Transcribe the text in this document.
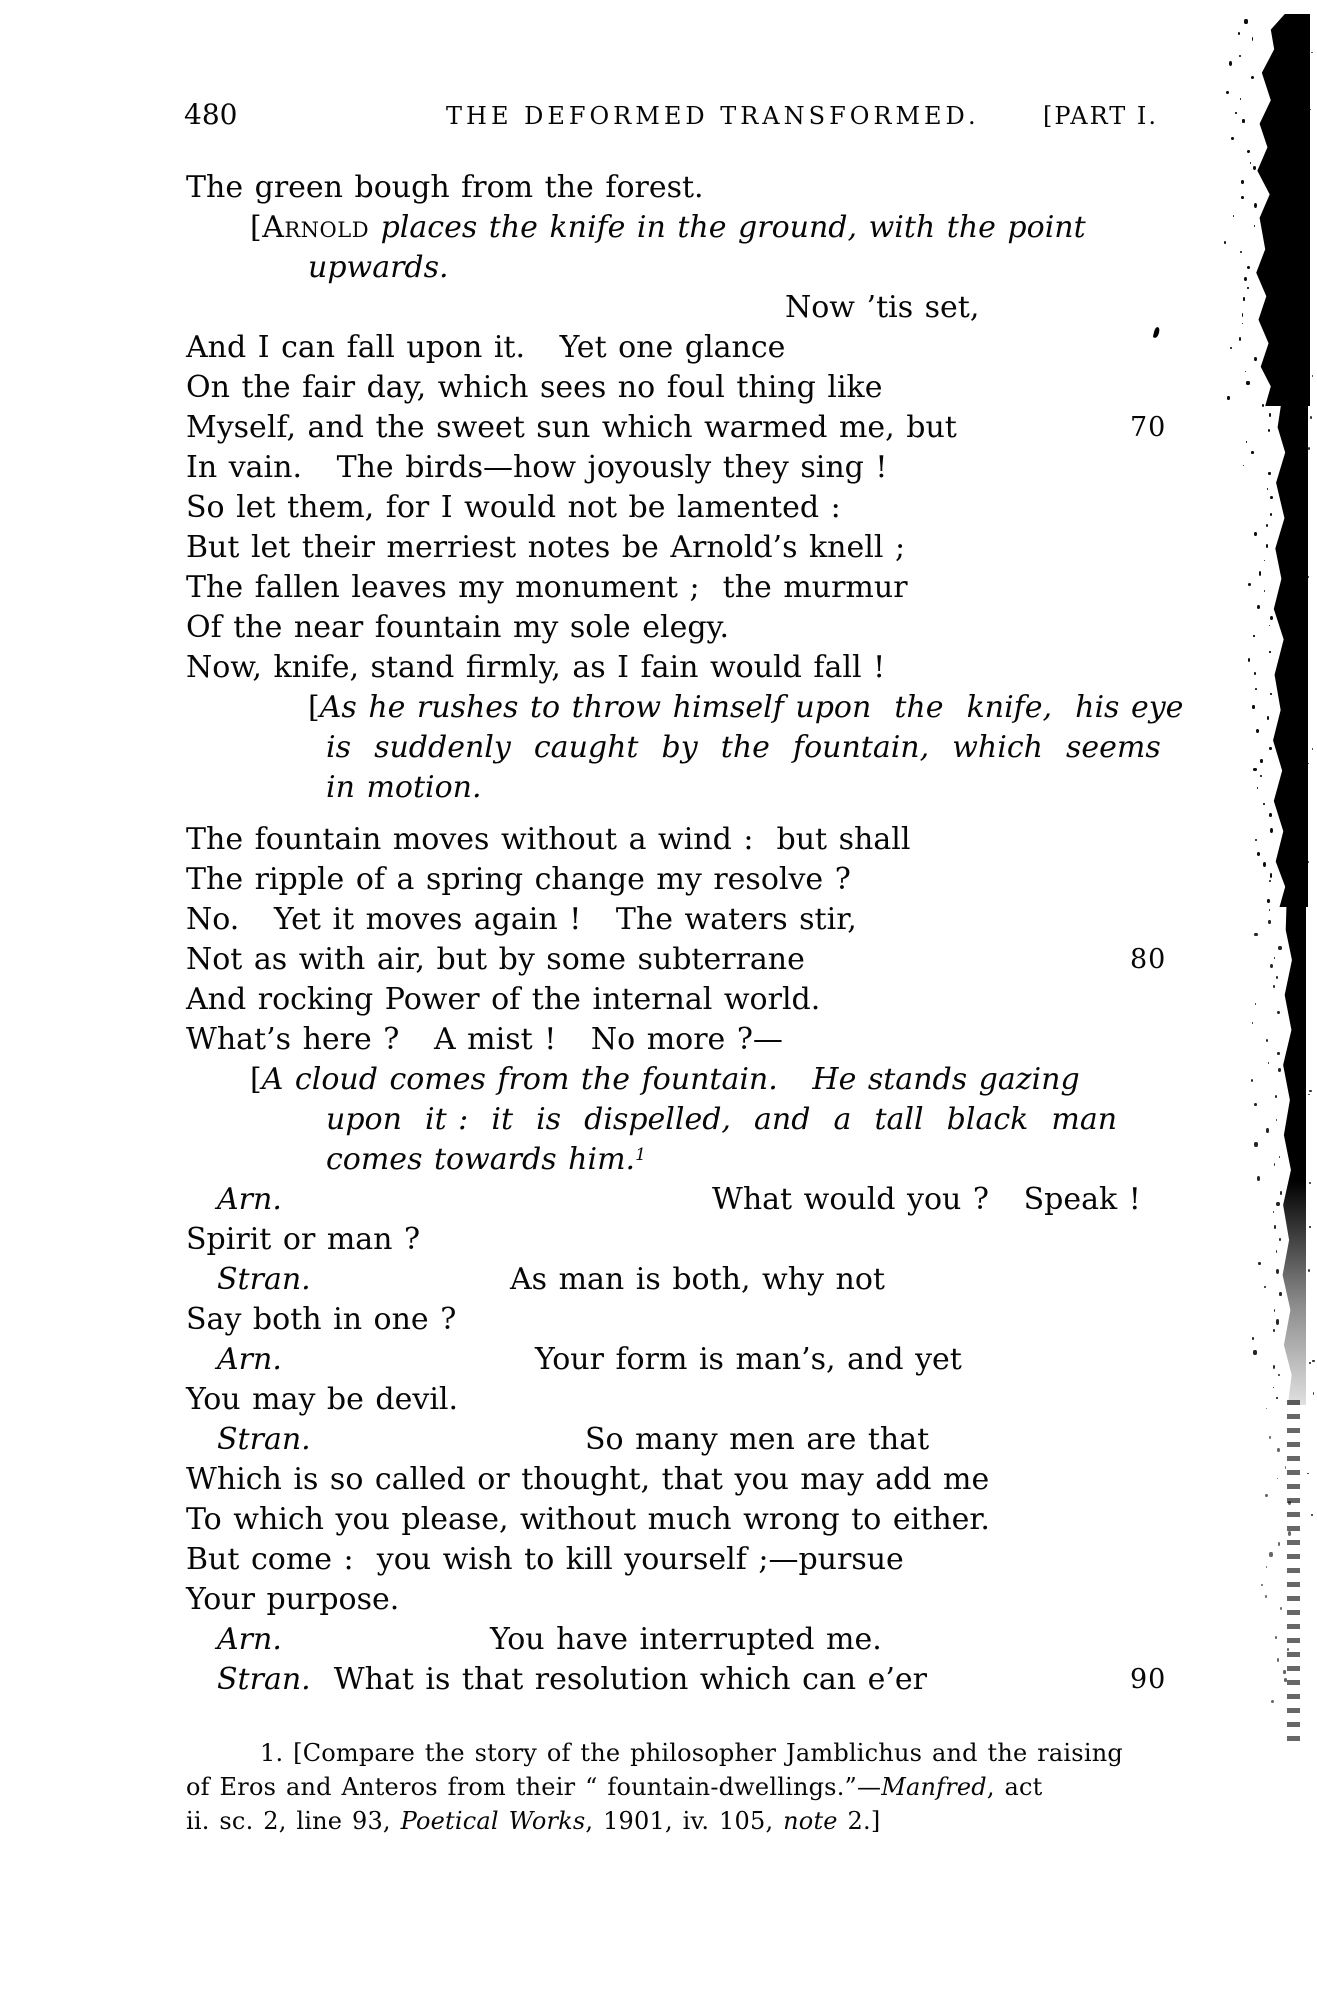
480	THE DEFORMED TRANSFORMED.	[PART I.
The green bough from the forest.
[Arnold places the knife in the ground, with the point
upwards.
Now ’tis set,
And I can fall upon it.   Yet one glance
On the fair day, which sees no foul thing like
Myself, and the sweet sun which warmed me, but	70
In vain.   The birds—how joyously they sing !
So let them, for I would not be lamented :
But let their merriest notes be Arnold’s knell ;
The fallen leaves my monument ;  the murmur
Of the near fountain my sole elegy.
Now, knife, stand firmly, as I fain would fall !
[As he rushes to throw himself upon  the  knife,  his eye
is  suddenly  caught  by  the  fountain,  which  seems
in motion.
The fountain moves without a wind :  but shall
The ripple of a spring change my resolve ?
No.   Yet it moves again !   The waters stir,
Not as with air, but by some subterrane	80
And rocking Power of the internal world.
What’s here ?   A mist !   No more ?—
[A cloud comes from the fountain.   He stands gazing
upon  it :  it  is  dispelled,  and  a  tall  black  man
comes towards him.$^1$
Arn.	What would you ?   Speak !
Spirit or man ?
Stran.	As man is both, why not
Say both in one ?
Arn.	Your form is man’s, and yet
You may be devil.
Stran.	So many men are that
Which is so called or thought, that you may add me
To which you please, without much wrong to either.
But come :  you wish to kill yourself ;—pursue
Your purpose.
Arn.	You have interrupted me.
Stran.  What is that resolution which can e’er	90
1. [Compare the story of the philosopher Jamblichus and the raising
of Eros and Anteros from their “ fountain-dwellings.”—Manfred, act
ii. sc. 2, line 93, Poetical Works, 1901, iv. 105, note 2.]
